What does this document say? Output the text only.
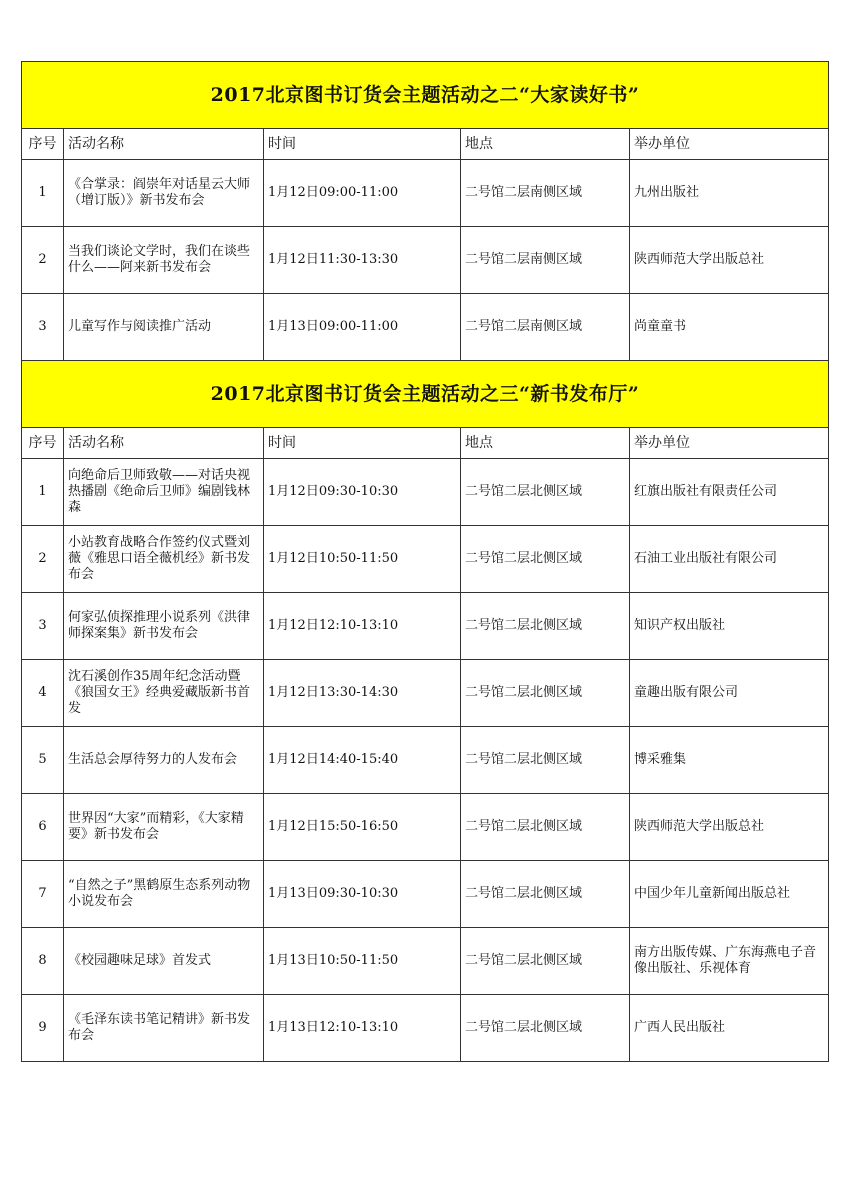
2017北京图书订货会主题活动之二“大家读好书”				
序号	活动名称	时间	地点	举办单位
1	《合掌录：阎崇年对话星云大师（增订版）》新书发布会	1月12日09:00-11:00	二号馆二层南侧区域	九州出版社
2	当我们谈论文学时，我们在谈些什么——阿来新书发布会	1月12日11:30-13:30	二号馆二层南侧区域	陕西师范大学出版总社
3	儿童写作与阅读推广活动	1月13日09:00-11:00	二号馆二层南侧区域	尚童童书
2017北京图书订货会主题活动之三“新书发布厅”				
序号	活动名称	时间	地点	举办单位
1	向绝命后卫师致敬——对话央视热播剧《绝命后卫师》编剧钱林森	1月12日09:30-10:30	二号馆二层北侧区域	红旗出版社有限责任公司
2	小站教育战略合作签约仪式暨刘薇《雅思口语全薇机经》新书发布会	1月12日10:50-11:50	二号馆二层北侧区域	石油工业出版社有限公司
3	何家弘侦探推理小说系列《洪律师探案集》新书发布会	1月12日12:10-13:10	二号馆二层北侧区域	知识产权出版社
4	沈石溪创作35周年纪念活动暨《狼国女王》经典爱藏版新书首发	1月12日13:30-14:30	二号馆二层北侧区域	童趣出版有限公司
5	生活总会厚待努力的人发布会	1月12日14:40-15:40	二号馆二层北侧区域	博采雅集
6	世界因“大家”而精彩，《大家精要》新书发布会	1月12日15:50-16:50	二号馆二层北侧区域	陕西师范大学出版总社
7	“自然之子”黑鹤原生态系列动物小说发布会	1月13日09:30-10:30	二号馆二层北侧区域	中国少年儿童新闻出版总社
8	《校园趣味足球》首发式	1月13日10:50-11:50	二号馆二层北侧区域	南方出版传媒、广东海燕电子音像出版社、乐视体育
9	《毛泽东读书笔记精讲》新书发布会	1月13日12:10-13:10	二号馆二层北侧区域	广西人民出版社
